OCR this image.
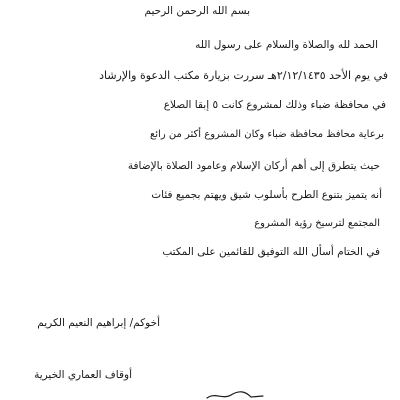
بسم الله الرحمن الرحيم
الحمد لله والصلاة والسلام على رسول الله
في يوم الأحد ٢/١٢/١٤٣٥هـ سررت بزيارة مكتب الدعوة والإرشاد
في محافظة ضباء وذلك لمشروع كانت ٥ إبقا الصلاع
برعاية محافظ محافظة ضباء وكان المشروع أكثر من رائع
حيث يتطرق إلى أهم أركان الإسلام وعامود الصلاة بالإضافة
أنه يتميز بتنوع الطرح بأسلوب شيق ويهتم بجميع فئات
المجتمع لترسيخ رؤية المشروع
في الختام أسأل الله التوفيق للقائمين على المكتب
أخوكم/ إبراهيم النعيم الكريم
أوقاف العماري الخيرية
